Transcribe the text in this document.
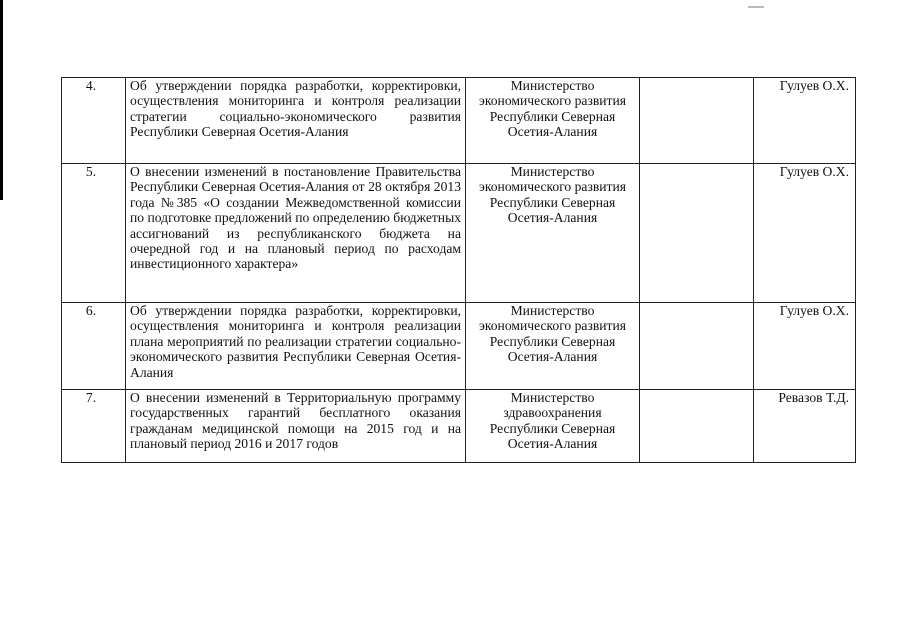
4.	Об утверждении порядка разработки, корректировки, осуществления мониторинга и контроля реализации стратегии социально-экономического развития Республики Северная Осетия-Алания	Министерство экономического развития Республики Северная Осетия-Алания		Гулуев О.Х.
5.	О внесении изменений в постановление Правительства Республики Северная Осетия-Алания от 28 октября 2013 года №385 «О создании Межведомственной комиссии по подготовке предложений по определению бюджетных ассигнований из республиканского бюджета на очередной год и на плановый период по расходам инвестиционного характера»	Министерство экономического развития Республики Северная Осетия-Алания		Гулуев О.Х.
6.	Об утверждении порядка разработки, корректировки, осуществления мониторинга и контроля реализации плана мероприятий по реализации стратегии социально-экономического развития Республики Северная Осетия-Алания	Министерство экономического развития Республики Северная Осетия-Алания		Гулуев О.Х.
7.	О внесении изменений в Территориальную программу государственных гарантий бесплатного оказания гражданам медицинской помощи на 2015 год и на плановый период 2016 и 2017 годов	Министерство здравоохранения Республики Северная Осетия-Алания		Ревазов Т.Д.
